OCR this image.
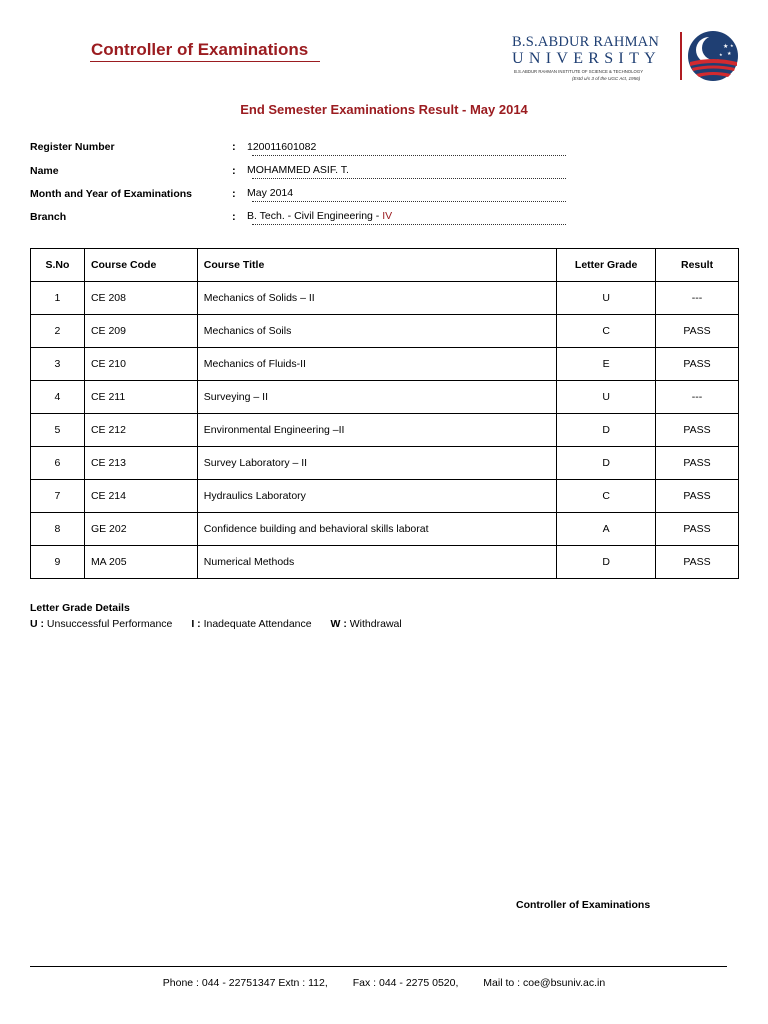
Controller of Examinations	B.S.ABDUR RAHMAN
UNIVERSITY
B.S.ABDUR RAHMAN INSTITUTE OF SCIENCE & TECHNOLOGY
(Estd u/s 3 of the UGC Act, 1956)
★
★
★
★
End Semester Examinations Result - May 2014
Register Number	: 120011601082
Name	: MOHAMMED ASIF. T.
Month and Year of Examinations	: May 2014
Branch	: B. Tech. - Civil Engineering - IV
S.No	Course Code	Course Title	Letter Grade	Result
1	CE 208	Mechanics of Solids – II	U	---
2	CE 209	Mechanics of Soils	C	PASS
3	CE 210	Mechanics of Fluids-II	E	PASS
4	CE 211	Surveying – II	U	---
5	CE 212	Environmental Engineering –II	D	PASS
6	CE 213	Survey Laboratory – II	D	PASS
7	CE 214	Hydraulics Laboratory	C	PASS
8	GE 202	Confidence building and behavioral skills laborat	A	PASS
9	MA 205	Numerical Methods	D	PASS
Letter Grade Details
U : Unsuccessful Performance I : Inadequate Attendance W : Withdrawal
Controller of Examinations
Phone : 044 - 22751347 Extn : 112, Fax : 044 - 2275 0520, Mail to : coe@bsuniv.ac.in
